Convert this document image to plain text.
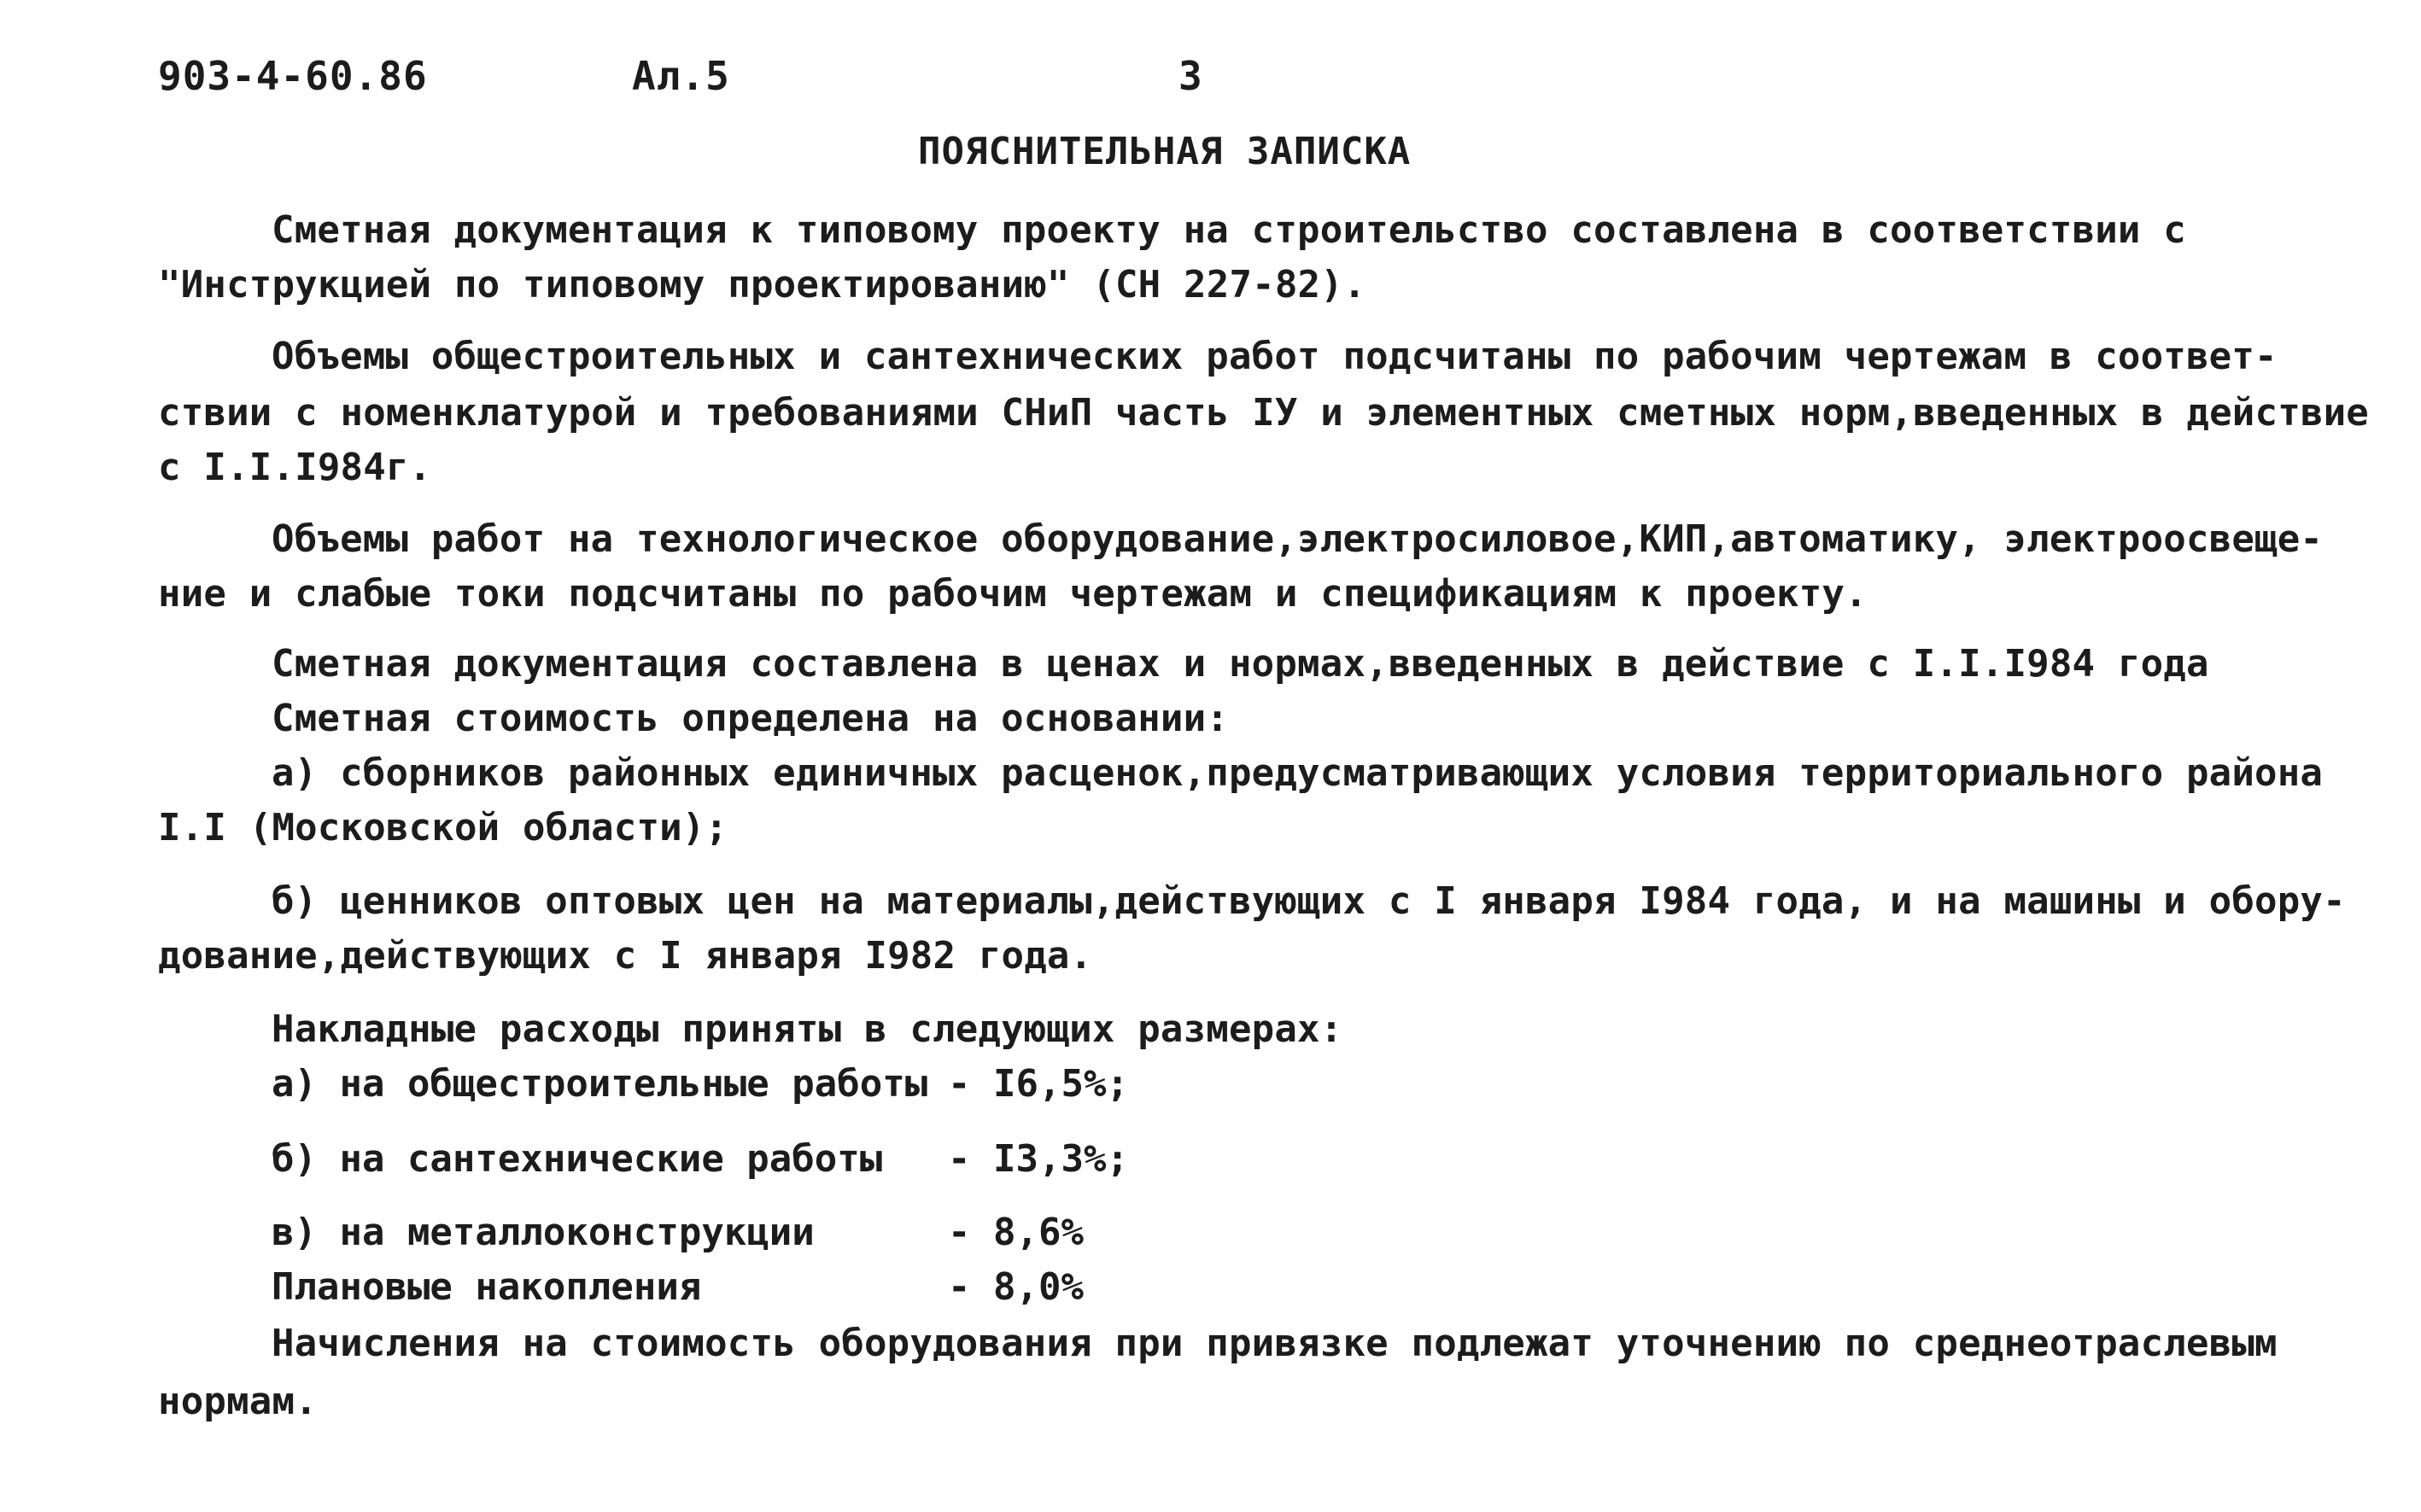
903-4-60.86	Ал.5	3
ПОЯСНИТЕЛЬНАЯ ЗАПИСКА
Сметная документация к типовому проекту на строительство составлена в соответствии с
"Инструкцией по типовому проектированию" (СН 227-82).
Объемы общестроительных и сантехнических работ подсчитаны по рабочим чертежам в соответ-
ствии с номенклатурой и требованиями СНиП часть IУ и элементных сметных норм,введенных в действие
с I.I.I984г.
Объемы работ на технологическое оборудование,электросиловое,КИП,автоматику, электроосвеще-
ние и слабые токи подсчитаны по рабочим чертежам и спецификациям к проекту.
Сметная документация составлена в ценах и нормах,введенных в действие с I.I.I984 года
Сметная стоимость определена на основании:
а) сборников районных единичных расценок,предусматривающих условия территориального района
I.I (Московской области);
б) ценников оптовых цен на материалы,действующих с I января I984 года, и на машины и обору-
дование,действующих с I января I982 года.
Накладные расходы приняты в следующих размерах:
а) на общестроительные работы - I6,5%;
б) на сантехнические работы - I3,3%;
в) на металлоконструкции	- 8,6%
Плановые накопления	- 8,0%
Начисления на стоимость оборудования при привязке подлежат уточнению по среднеотраслевым
нормам.
